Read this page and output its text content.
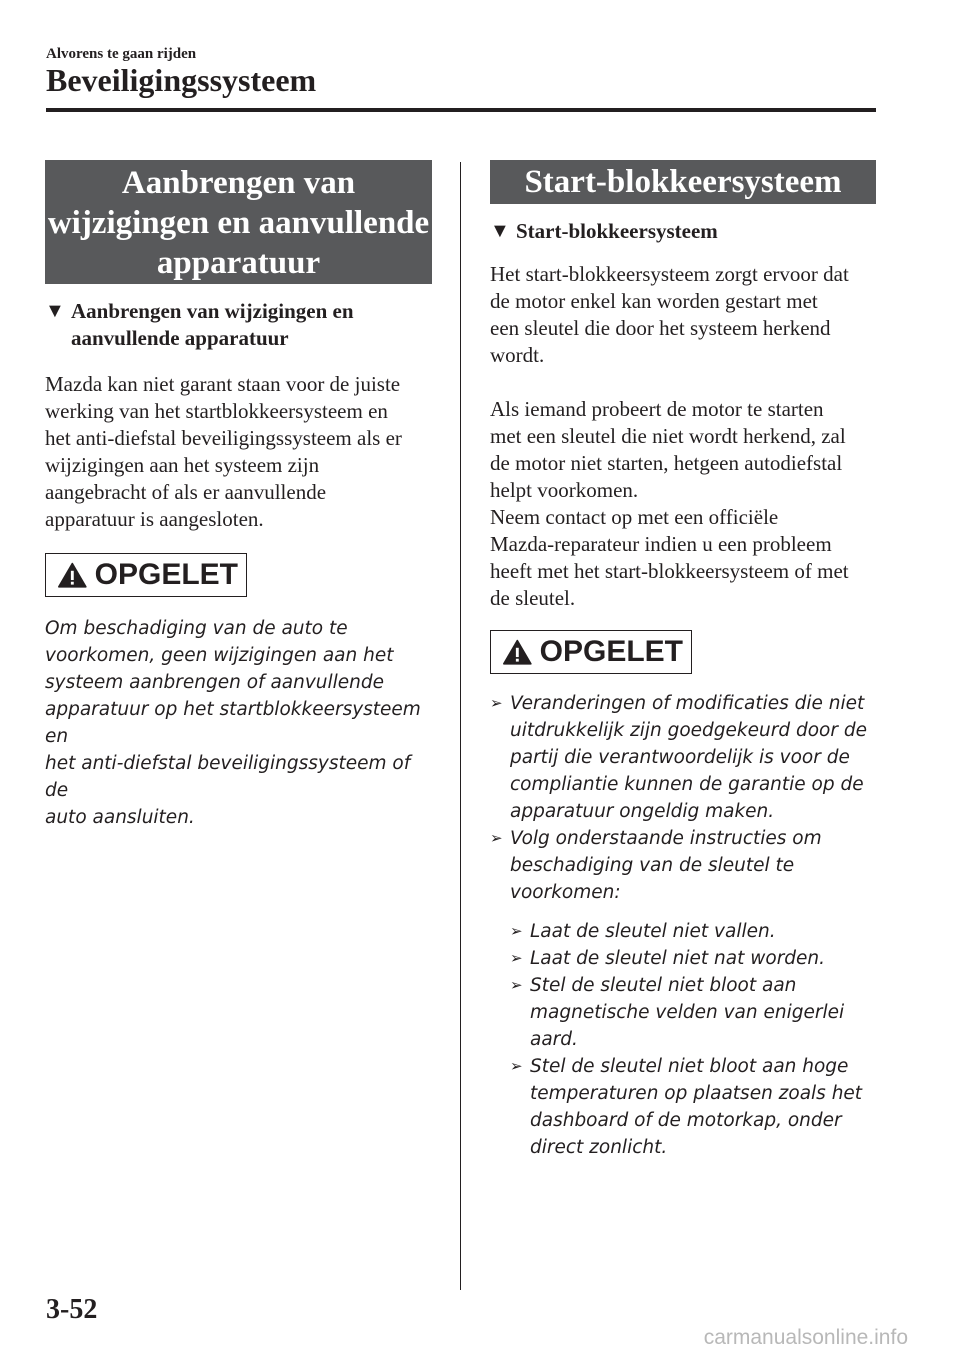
Alvorens te gaan rijden
Beveiligingssysteem
Aanbrengen van
wijzigingen en aanvullende
apparatuur
▼ Aanbrengen van wijzigingen en
aanvullende apparatuur
Mazda kan niet garant staan voor de juiste
werking van het startblokkeersysteem en
het anti-diefstal beveiligingssysteem als er
wijzigingen aan het systeem zijn
aangebracht of als er aanvullende
apparatuur is aangesloten.
OPGELET
Om beschadiging van de auto te
voorkomen, geen wijzigingen aan het
systeem aanbrengen of aanvullende
apparatuur op het startblokkeersysteem en
het anti-diefstal beveiligingssysteem of de
auto aansluiten.
Start-blokkeersysteem
▼ Start-blokkeersysteem
Het start-blokkeersysteem zorgt ervoor dat
de motor enkel kan worden gestart met
een sleutel die door het systeem herkend
wordt.
Als iemand probeert de motor te starten
met een sleutel die niet wordt herkend, zal
de motor niet starten, hetgeen autodiefstal
helpt voorkomen.
Neem contact op met een officiële
Mazda-reparateur indien u een probleem
heeft met het start-blokkeersysteem of met
de sleutel.
OPGELET
➢ Veranderingen of modificaties die niet
uitdrukkelijk zijn goedgekeurd door de
partij die verantwoordelijk is voor de
compliantie kunnen de garantie op de
apparatuur ongeldig maken.
➢ Volg onderstaande instructies om
beschadiging van de sleutel te
voorkomen:
➢ Laat de sleutel niet vallen.
➢ Laat de sleutel niet nat worden.
➢ Stel de sleutel niet bloot aan
magnetische velden van enigerlei
aard.
➢ Stel de sleutel niet bloot aan hoge
temperaturen op plaatsen zoals het
dashboard of de motorkap, onder
direct zonlicht.
3-52
carmanualsonline.info
